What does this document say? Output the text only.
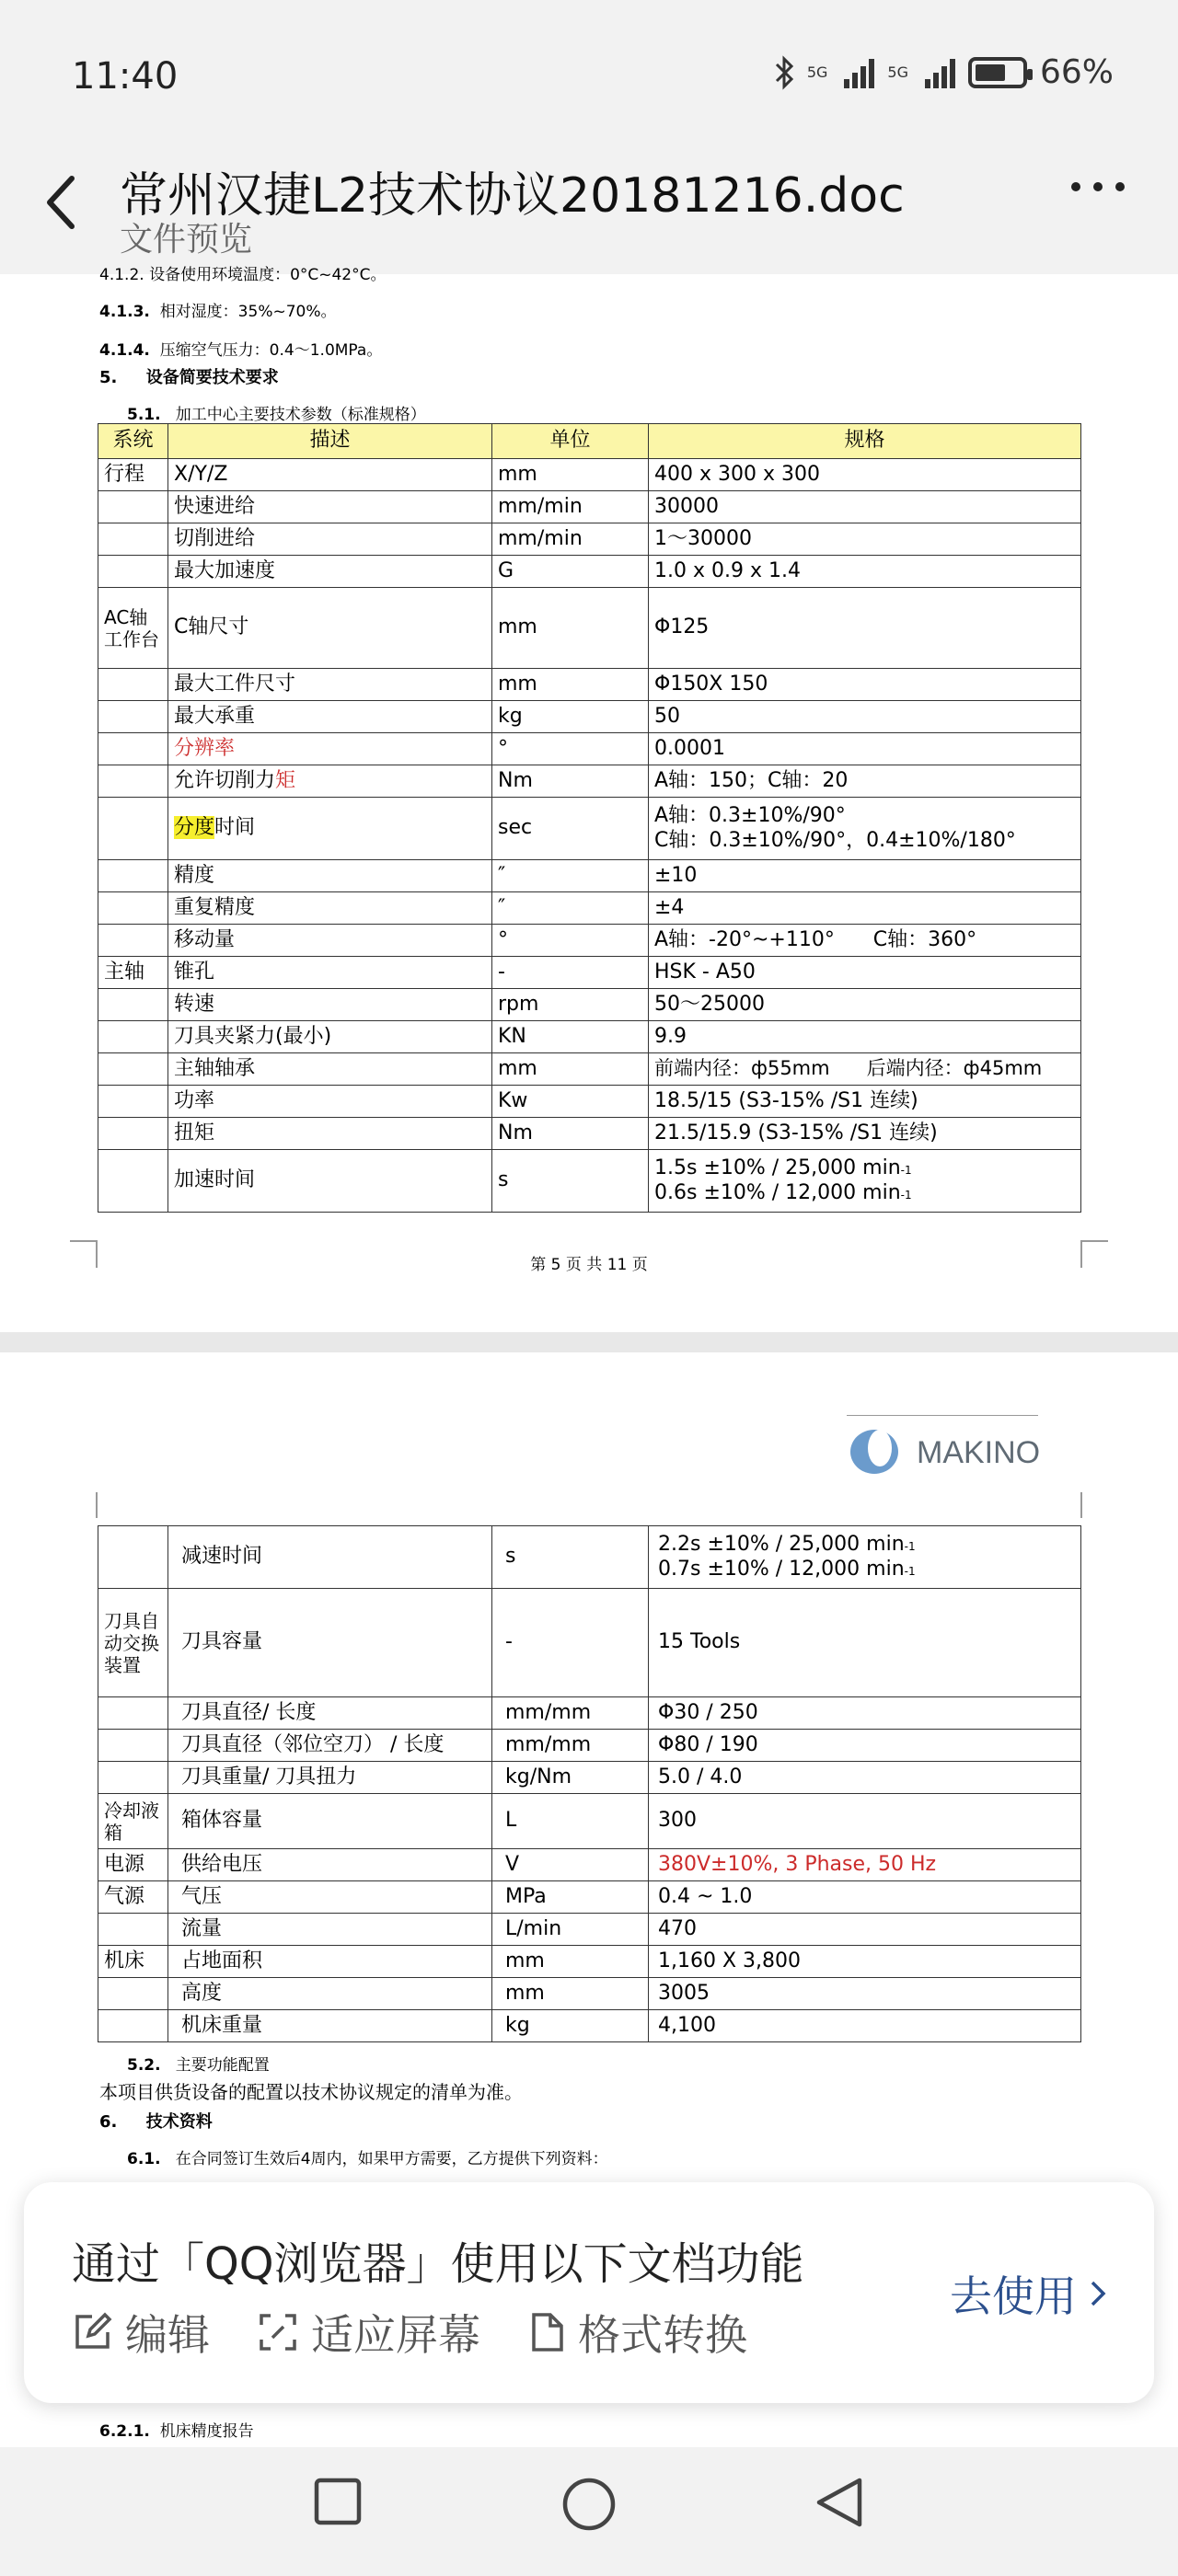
11:40	5G	5G	66%
常州汉捷L2技术协议20181216.doc
文件预览
4.1.2. 设备使用环境温度：0°C~42°C。
4.1.3. 相对湿度：35%~70%。
4.1.4. 压缩空气压力：0.4～1.0MPa。
5. 设备简要技术要求
5.1. 加工中心主要技术参数（标准规格）
系统	描述	单位	规格
行程	X/Y/Z	mm	400 x 300 x 300
	快速进给	mm/min	30000
	切削进给	mm/min	1～30000
	最大加速度	G	1.0 x 0.9 x 1.4
AC轴工作台	C轴尺寸	mm	Φ125
	最大工件尺寸	mm	Φ150X 150
	最大承重	kg	50
	分辨率	°	0.0001
	允许切削力矩	Nm	A轴：150；C轴：20
	分度时间	sec	A轴：0.3±10%/90°
C轴：0.3±10%/90°，0.4±10%/180°

	精度	″	±10
	重复精度	″	±4
	移动量	°	A轴：-20°~+110°      C轴：360°
主轴	锥孔	-	HSK - A50
	转速	rpm	50～25000
	刀具夹紧力(最小)	KN	9.9
	主轴轴承	mm	前端内径：ф55mm      后端内径：ф45mm
	功率	Kw	18.5/15 (S3-15% /S1 连续)
	扭矩	Nm	21.5/15.9 (S3-15% /S1 连续)
	加速时间	s	1.5s ±10% / 25,000 min-1
0.6s ±10% / 12,000 min-1
第 5 页 共 11 页
MAKINO
	减速时间	s	2.2s ±10% / 25,000 min-1
0.7s ±10% / 12,000 min-1

刀具自动交换装置	刀具容量	-	15 Tools
	刀具直径/ 长度	mm/mm	Φ30 / 250
	刀具直径（邻位空刀） / 长度	mm/mm	Φ80 / 190
	刀具重量/ 刀具扭力	kg/Nm	5.0 / 4.0
冷却液箱	箱体容量	L	300
电源	供给电压	V	380V±10%, 3 Phase, 50 Hz
气源	气压	MPa	0.4 ~ 1.0
	流量	L/min	470
机床	占地面积	mm	1,160 X 3,800
	高度	mm	3005
	机床重量	kg	4,100
5.2. 主要功能配置
本项目供货设备的配置以技术协议规定的清单为准。
6. 技术资料
6.1. 在合同签订生效后4周内，如果甲方需要，乙方提供下列资料：
6.2.1. 机床精度报告
通过「QQ浏览器」使用以下文档功能
编辑 适应屏幕 格式转换
去使用
